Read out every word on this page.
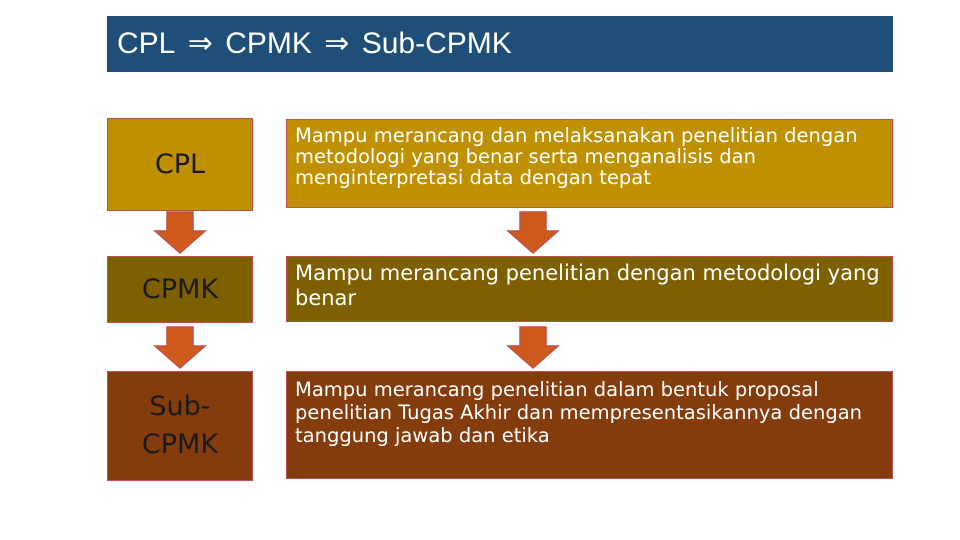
CPL ⇒ CPMK ⇒ Sub-CPMK
CPL
Mampu merancang dan melaksanakan penelitian dengan metodologi yang benar serta menganalisis dan menginterpretasi data dengan tepat
CPMK
Mampu merancang penelitian dengan metodologi yang benar
Sub-
CPMK
Mampu merancang penelitian dalam bentuk proposal penelitian Tugas Akhir dan mempresentasikannya dengan tanggung jawab dan etika
